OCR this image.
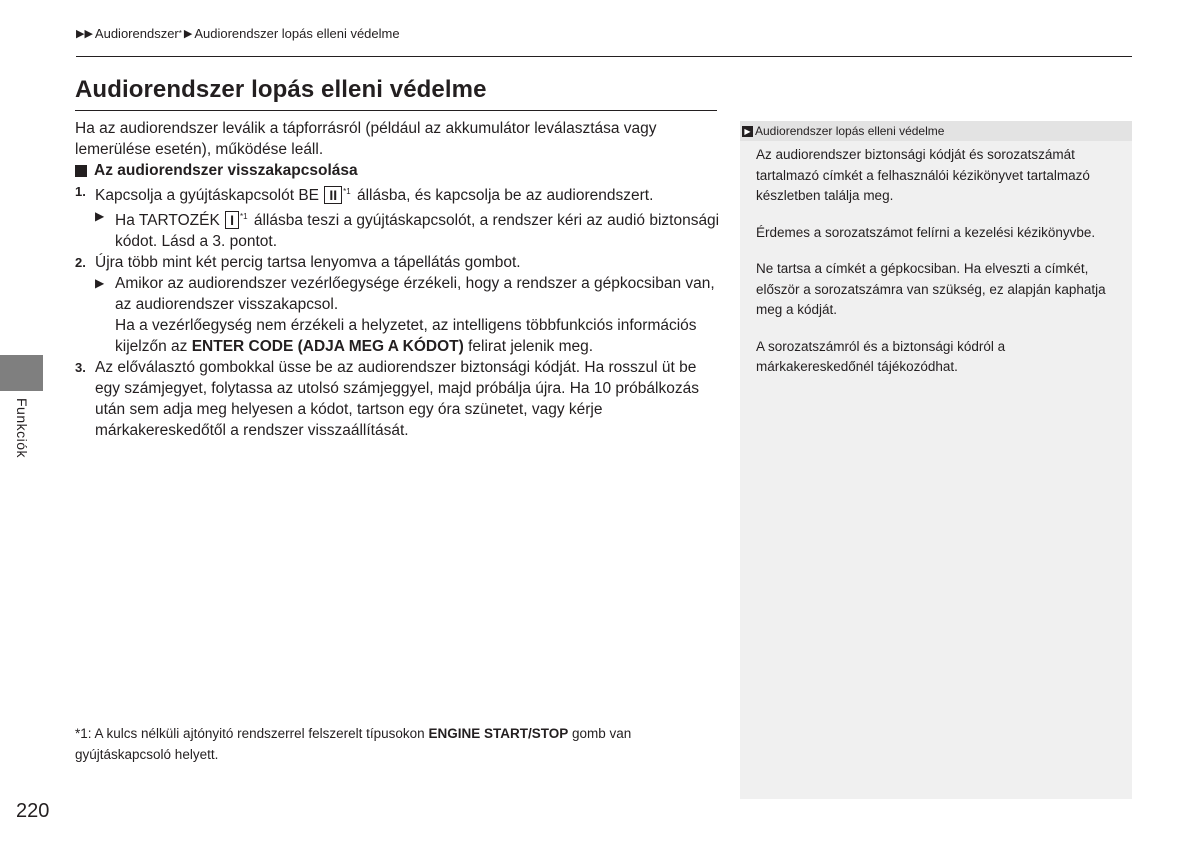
▶▶ Audiorendszer * ▶ Audiorendszer lopás elleni védelme
Audiorendszer lopás elleni védelme

Ha az audiorendszer leválik a tápforrásról (például az akkumulátor leválasztása vagy lemerülése esetén), működése leáll.

Az audiorendszer visszakapcsolása
1. Kapcsolja a gyújtáskapcsolót BE II $^{*1}$ állásba, és kapcsolja be az audiorendszert.
▶ Ha TARTOZÉK I $^{*1}$ állásba teszi a gyújtáskapcsolót, a rendszer kéri az audió biztonsági kódot. Lásd a 3. pontot.
2. Újra több mint két percig tartsa lenyomva a tápellátás gombot.
▶ Amikor az audiorendszer vezérlőegysége érzékeli, hogy a rendszer a gépkocsiban van, az audiorendszer visszakapcsol.
Ha a vezérlőegység nem érzékeli a helyzetet, az intelligens többfunkciós információs kijelzőn az ENTER CODE (ADJA MEG A KÓDOT) felirat jelenik meg.
3. Az előválasztó gombokkal üsse be az audiorendszer biztonsági kódját. Ha rosszul üt be egy számjegyet, folytassa az utolsó számjeggyel, majd próbálja újra. Ha 10 próbálkozás után sem adja meg helyesen a kódot, tartson egy óra szünetet, vagy kérje márkakereskedőtől a rendszer visszaállítását.
*1: A kulcs nélküli ajtónyitó rendszerrel felszerelt típusokon ENGINE START/STOP gomb van gyújtáskapcsoló helyett.
Funkciók
220
▶ Audiorendszer lopás elleni védelme

Az audiorendszer biztonsági kódját és sorozatszámát tartalmazó címkét a felhasználói kézikönyvet tartalmazó készletben találja meg.

Érdemes a sorozatszámot felírni a kezelési kézikönyvbe.

Ne tartsa a címkét a gépkocsiban. Ha elveszti a címkét, először a sorozatszámra van szükség, ez alapján kaphatja meg a kódját.

A sorozatszámról és a biztonsági kódról a márkakereskedőnél tájékozódhat.
